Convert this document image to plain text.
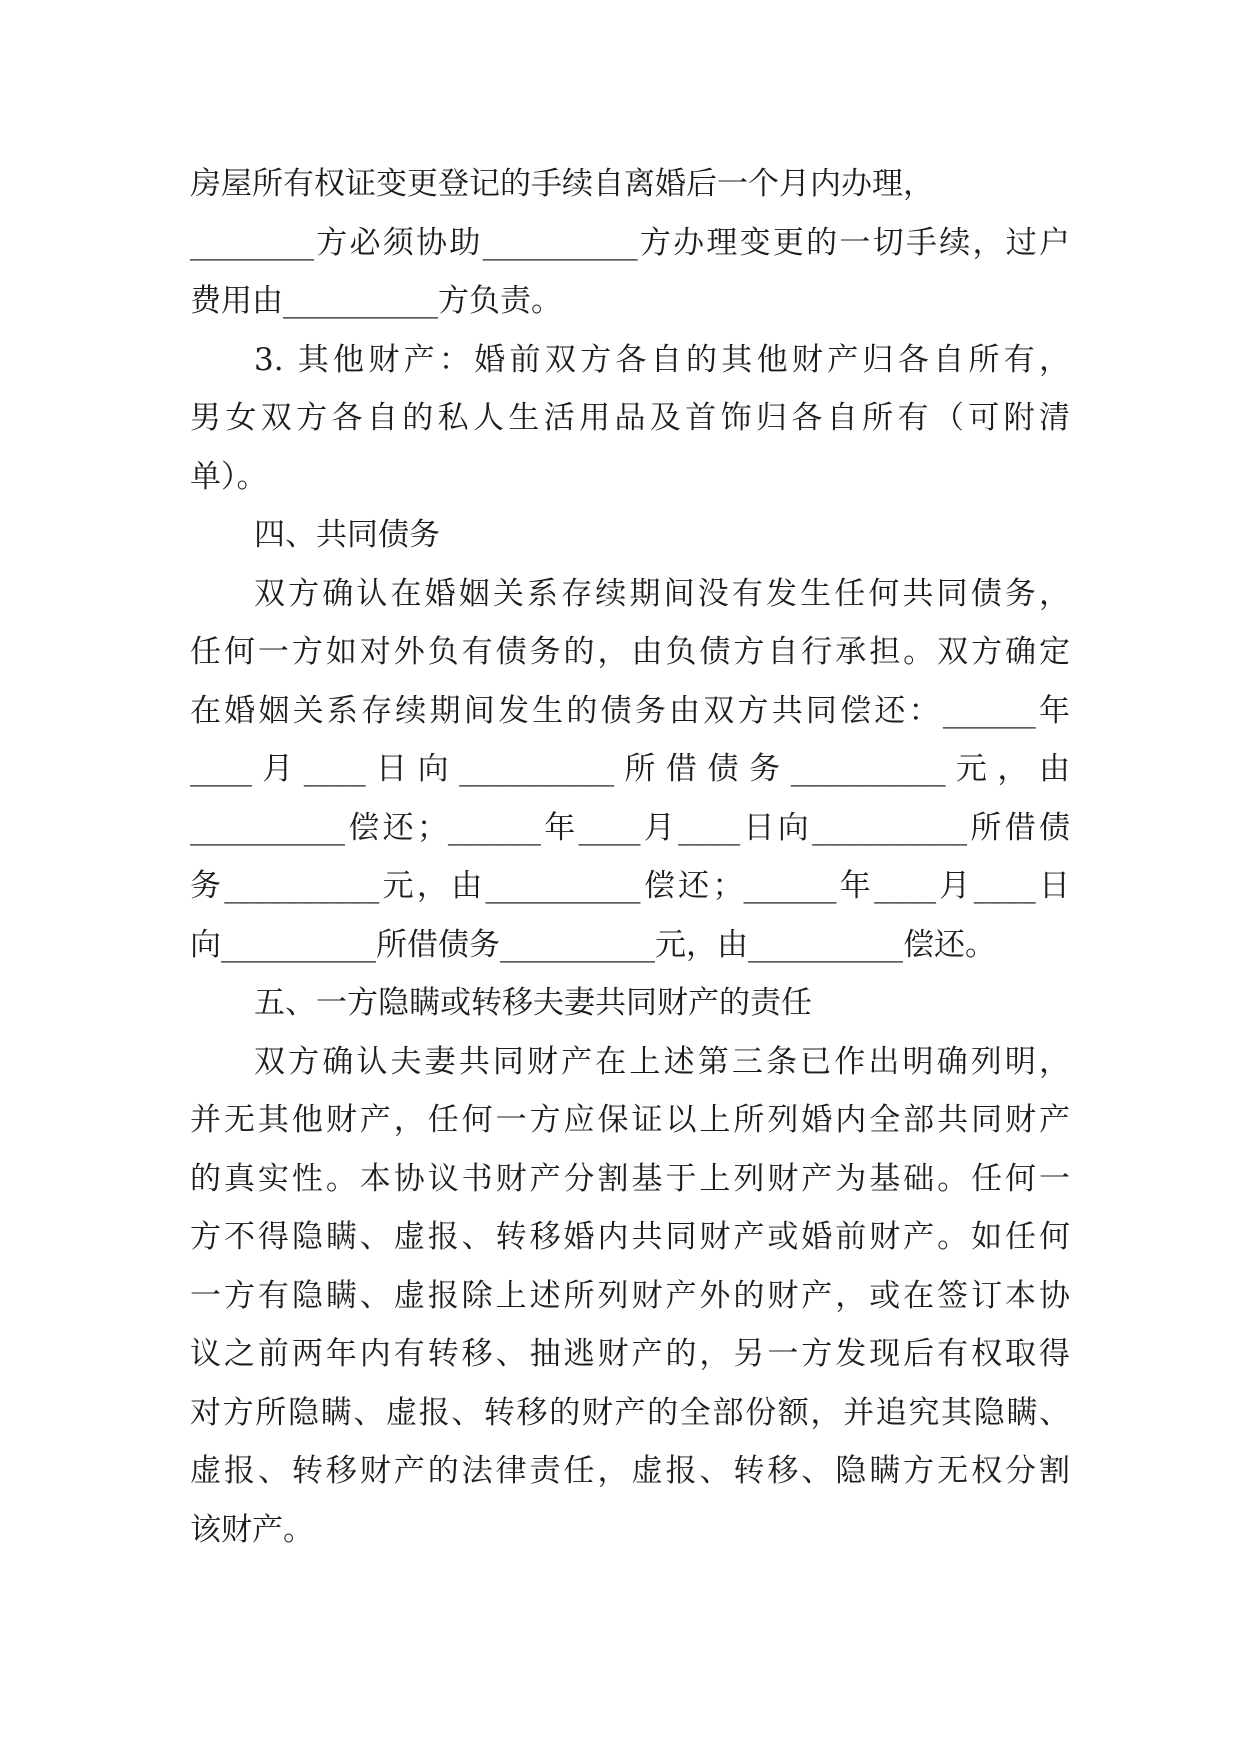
房屋所有权证变更登记的手续自离婚后一个月内办理，
________方必须协助__________方办理变更的一切手续，过户
费用由__________方负责。
3. 其他财产：婚前双方各自的其他财产归各自所有，
男女双方各自的私人生活用品及首饰归各自所有（可附清
单）。
四、共同债务
双方确认在婚姻关系存续期间没有发生任何共同债务，
任何一方如对外负有债务的，由负债方自行承担。双方确定
在婚姻关系存续期间发生的债务由双方共同偿还：______年
____ 月 ____ 日 向 __________ 所 借 债 务 __________ 元 ， 由
__________偿还；______年____月____日向__________所借债
务__________元，由__________偿还；______年____月____日
向__________所借债务__________元，由__________偿还。
五、一方隐瞒或转移夫妻共同财产的责任
双方确认夫妻共同财产在上述第三条已作出明确列明，
并无其他财产，任何一方应保证以上所列婚内全部共同财产
的真实性。本协议书财产分割基于上列财产为基础。任何一
方不得隐瞒、虚报、转移婚内共同财产或婚前财产。如任何
一方有隐瞒、虚报除上述所列财产外的财产，或在签订本协
议之前两年内有转移、抽逃财产的，另一方发现后有权取得
对方所隐瞒、虚报、转移的财产的全部份额，并追究其隐瞒、
虚报、转移财产的法律责任，虚报、转移、隐瞒方无权分割
该财产。
